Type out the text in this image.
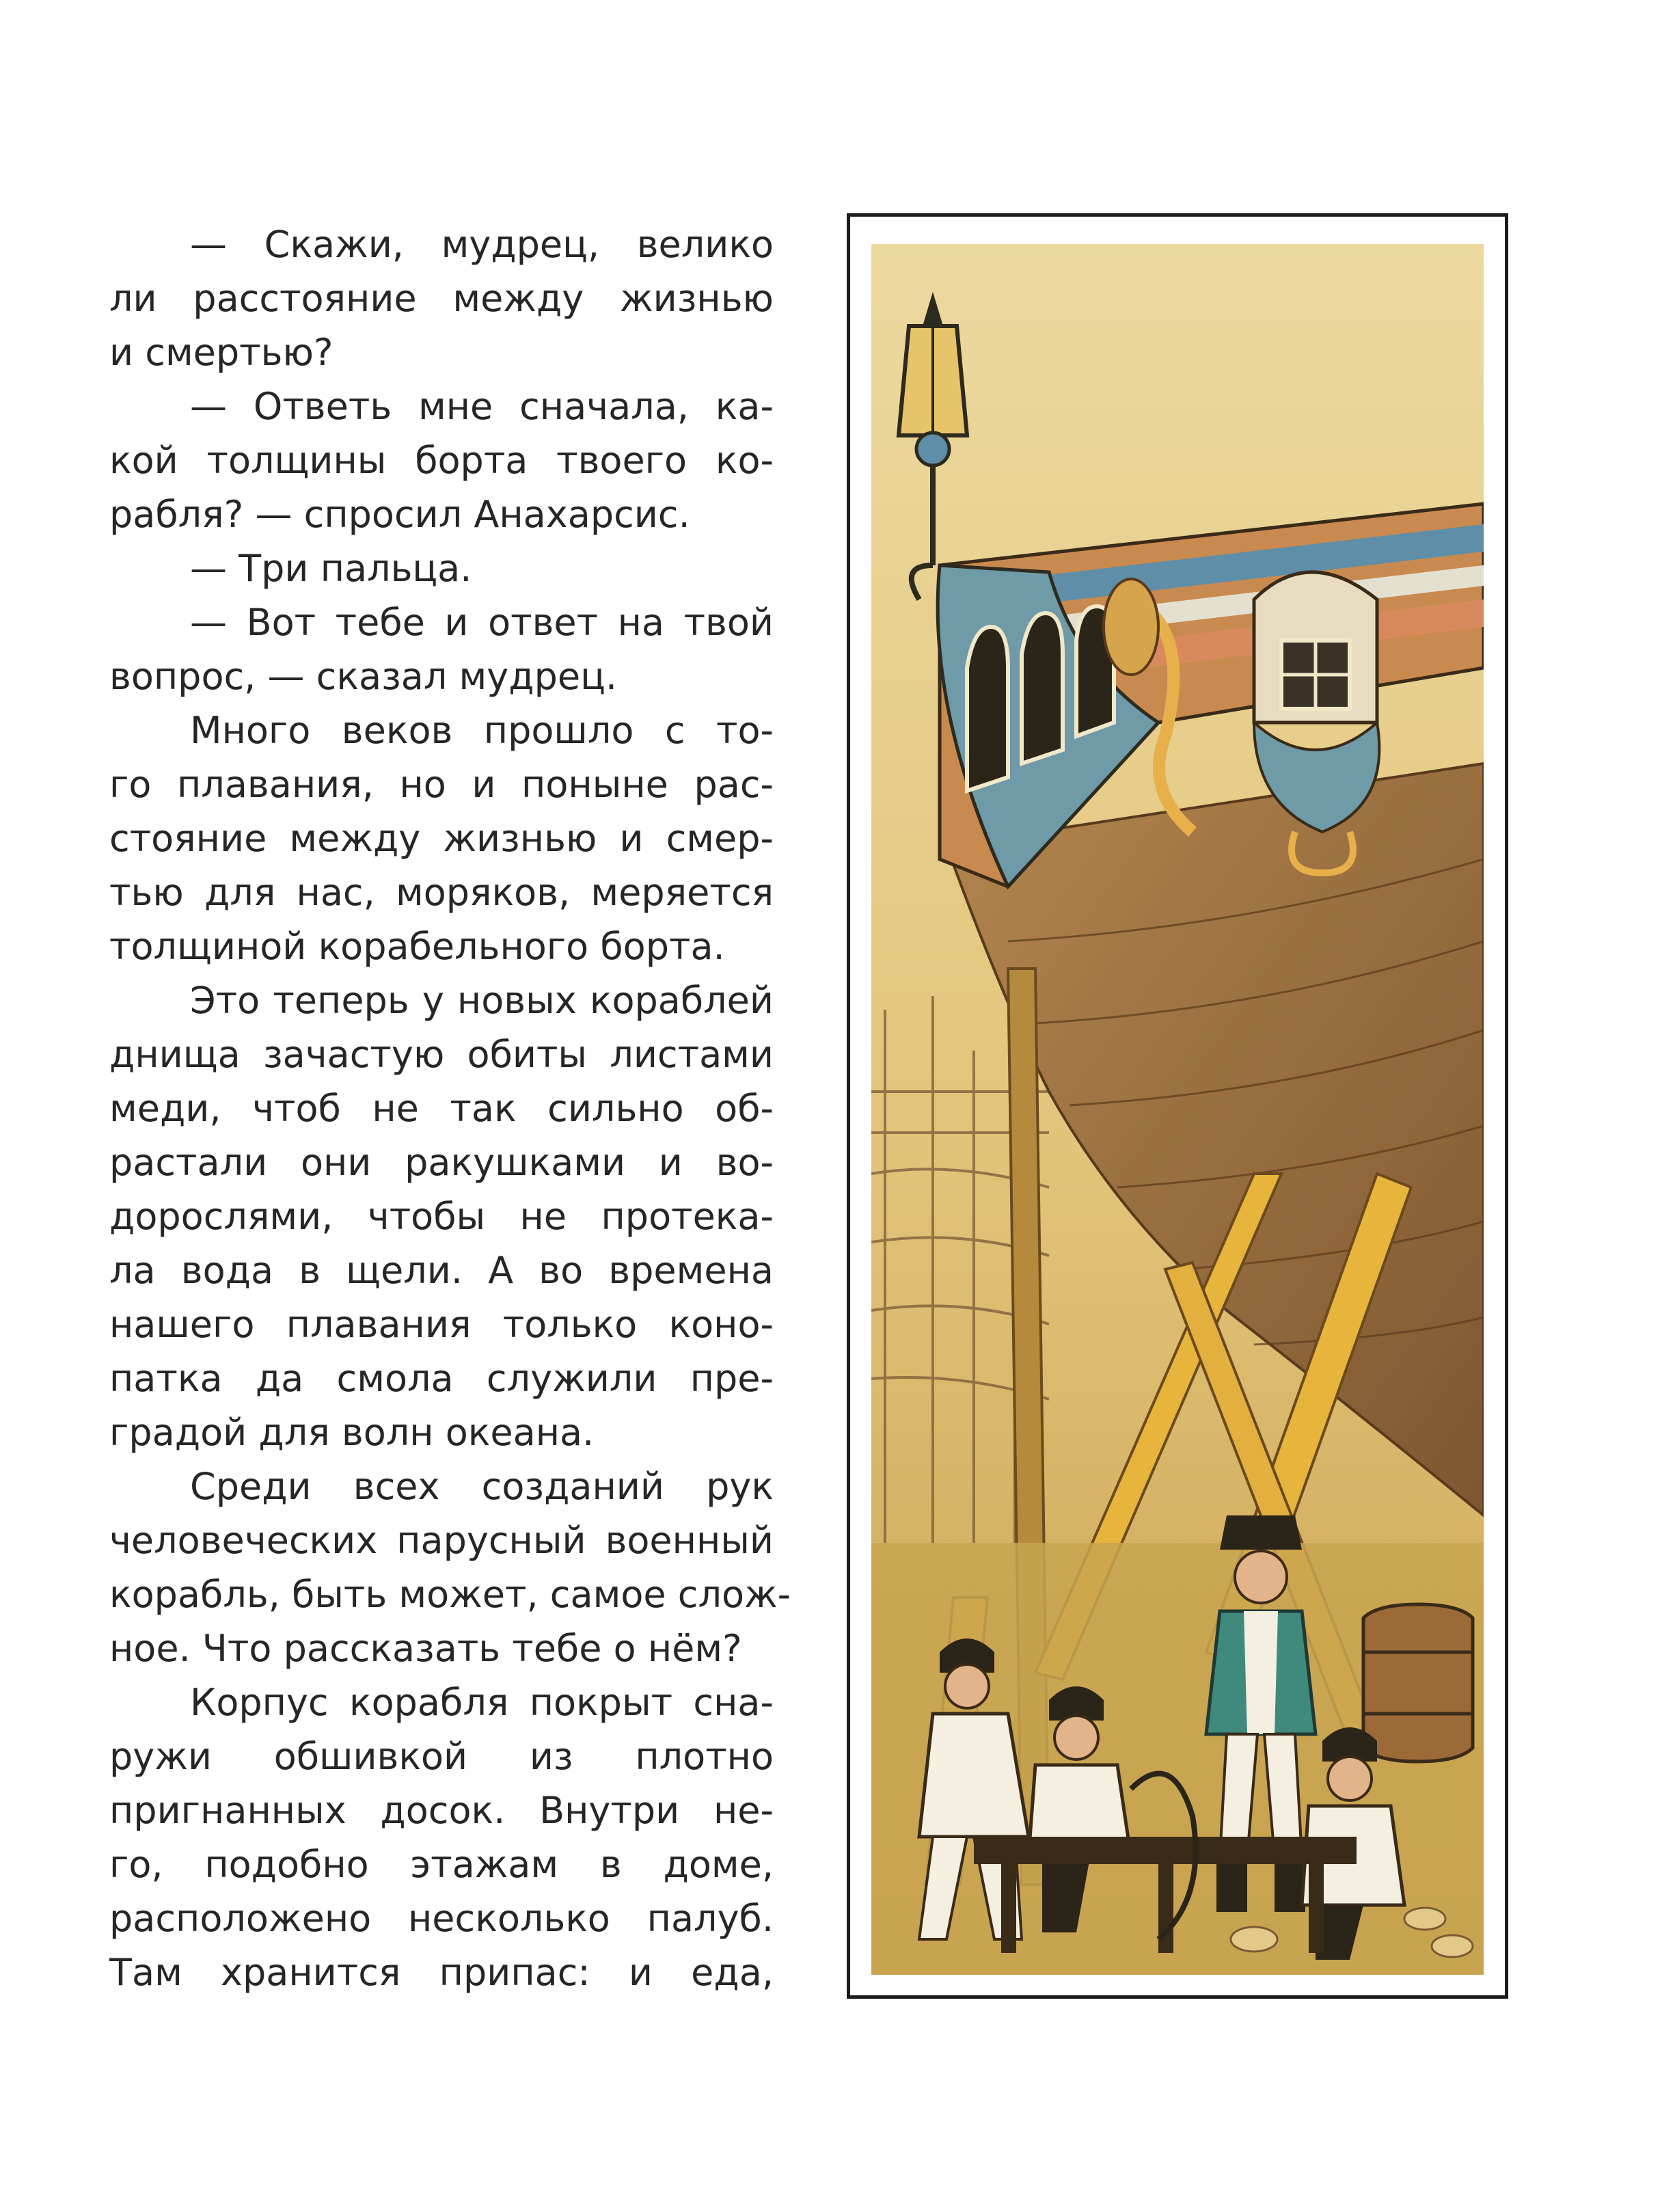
— Скажи, мудрец, велико
ли расстояние между жизнью
и смертью?
— Ответь мне сначала, ка-
кой толщины борта твоего ко-
рабля? — спросил Анахарсис.
— Три пальца.
— Вот тебе и ответ на твой
вопрос, — сказал мудрец.
Много веков прошло с то-
го плавания, но и поныне рас-
стояние между жизнью и смер-
тью для нас, моряков, меряется
толщиной корабельного борта.
Это теперь у новых кораблей
днища зачастую обиты листами
меди, чтоб не так сильно об-
растали они ракушками и во-
дорослями, чтобы не протека-
ла вода в щели. А во времена
нашего плавания только коно-
патка да смола служили пре-
градой для волн океана.
Среди всех созданий рук
человеческих парусный военный
корабль, быть может, самое слож-
ное. Что рассказать тебе о нём?
Корпус корабля покрыт сна-
ружи обшивкой из плотно
пригнанных досок. Внутри не-
го, подобно этажам в доме,
расположено несколько палуб.
Там хранится припас: и еда,
